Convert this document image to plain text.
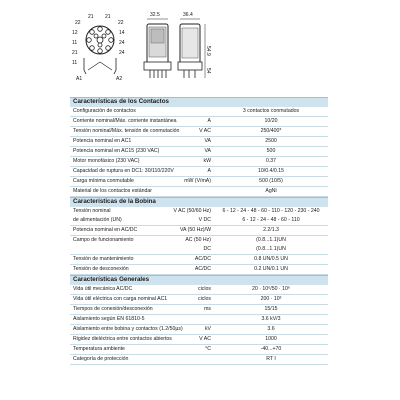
22
21 21
22
12	14
11	24
21	24
11
A1	A2
32.5	36.4
54.9
54
Características de los Contactos
Configuración de contactos	3 contactos conmutados
Corriente nominal/Máx. corriente instantánea	A	10/20
Tensión nominal/Máx. tensión de conmutación	V AC	250/400*
Potencia nominal en AC1	VA	2500
Potencia nominal en AC15 (230 VAC)	VA	500
Motor monofásico (230 VAC)	kW	0.37
Capacidad de ruptura en DC1: 30/110/220V	A	10/0.4/0.15
Carga mínima conmutable	mW (V/mA)	500 (10/5)
Material de los contactos estándar	AgNi
Características de la Bobina
Tensión nominal	V AC (50/60 Hz)	6 - 12 - 24 - 48 - 60 - 110 - 120 - 230 - 240
de alimentación (UN)	V DC	6 - 12 - 24 - 48 - 60 - 110
Potencia nominal en AC/DC	VA (50 Hz)/W	2.2/1.3
Campo de funcionamiento	AC (50 Hz)	(0.8...1.1)UN
DC	(0.8...1.1)UN
Tensión de mantenimiento	AC/DC	0.8 UN/0.5 UN
Tensión de desconexión	AC/DC	0.2 UN/0.1 UN
Características Generales
Vida útil mecánica AC/DC	ciclos	20 · 10⁶/50 · 10⁶
Vida útil eléctrica con carga nominal AC1	ciclos	200 · 10³
Tiempos de conexión/desconexión	ms	15/15
Aislamiento según EN 61810-5	3.6 kV/3
Aislamiento entre bobina y contactos (1.2/50µs)	kV	3.6
Rigidez dieléctrica entre contactos abiertos	V AC	1000
Temperatura ambiente	°C	-40...+70
Categoría de protección	RT I
